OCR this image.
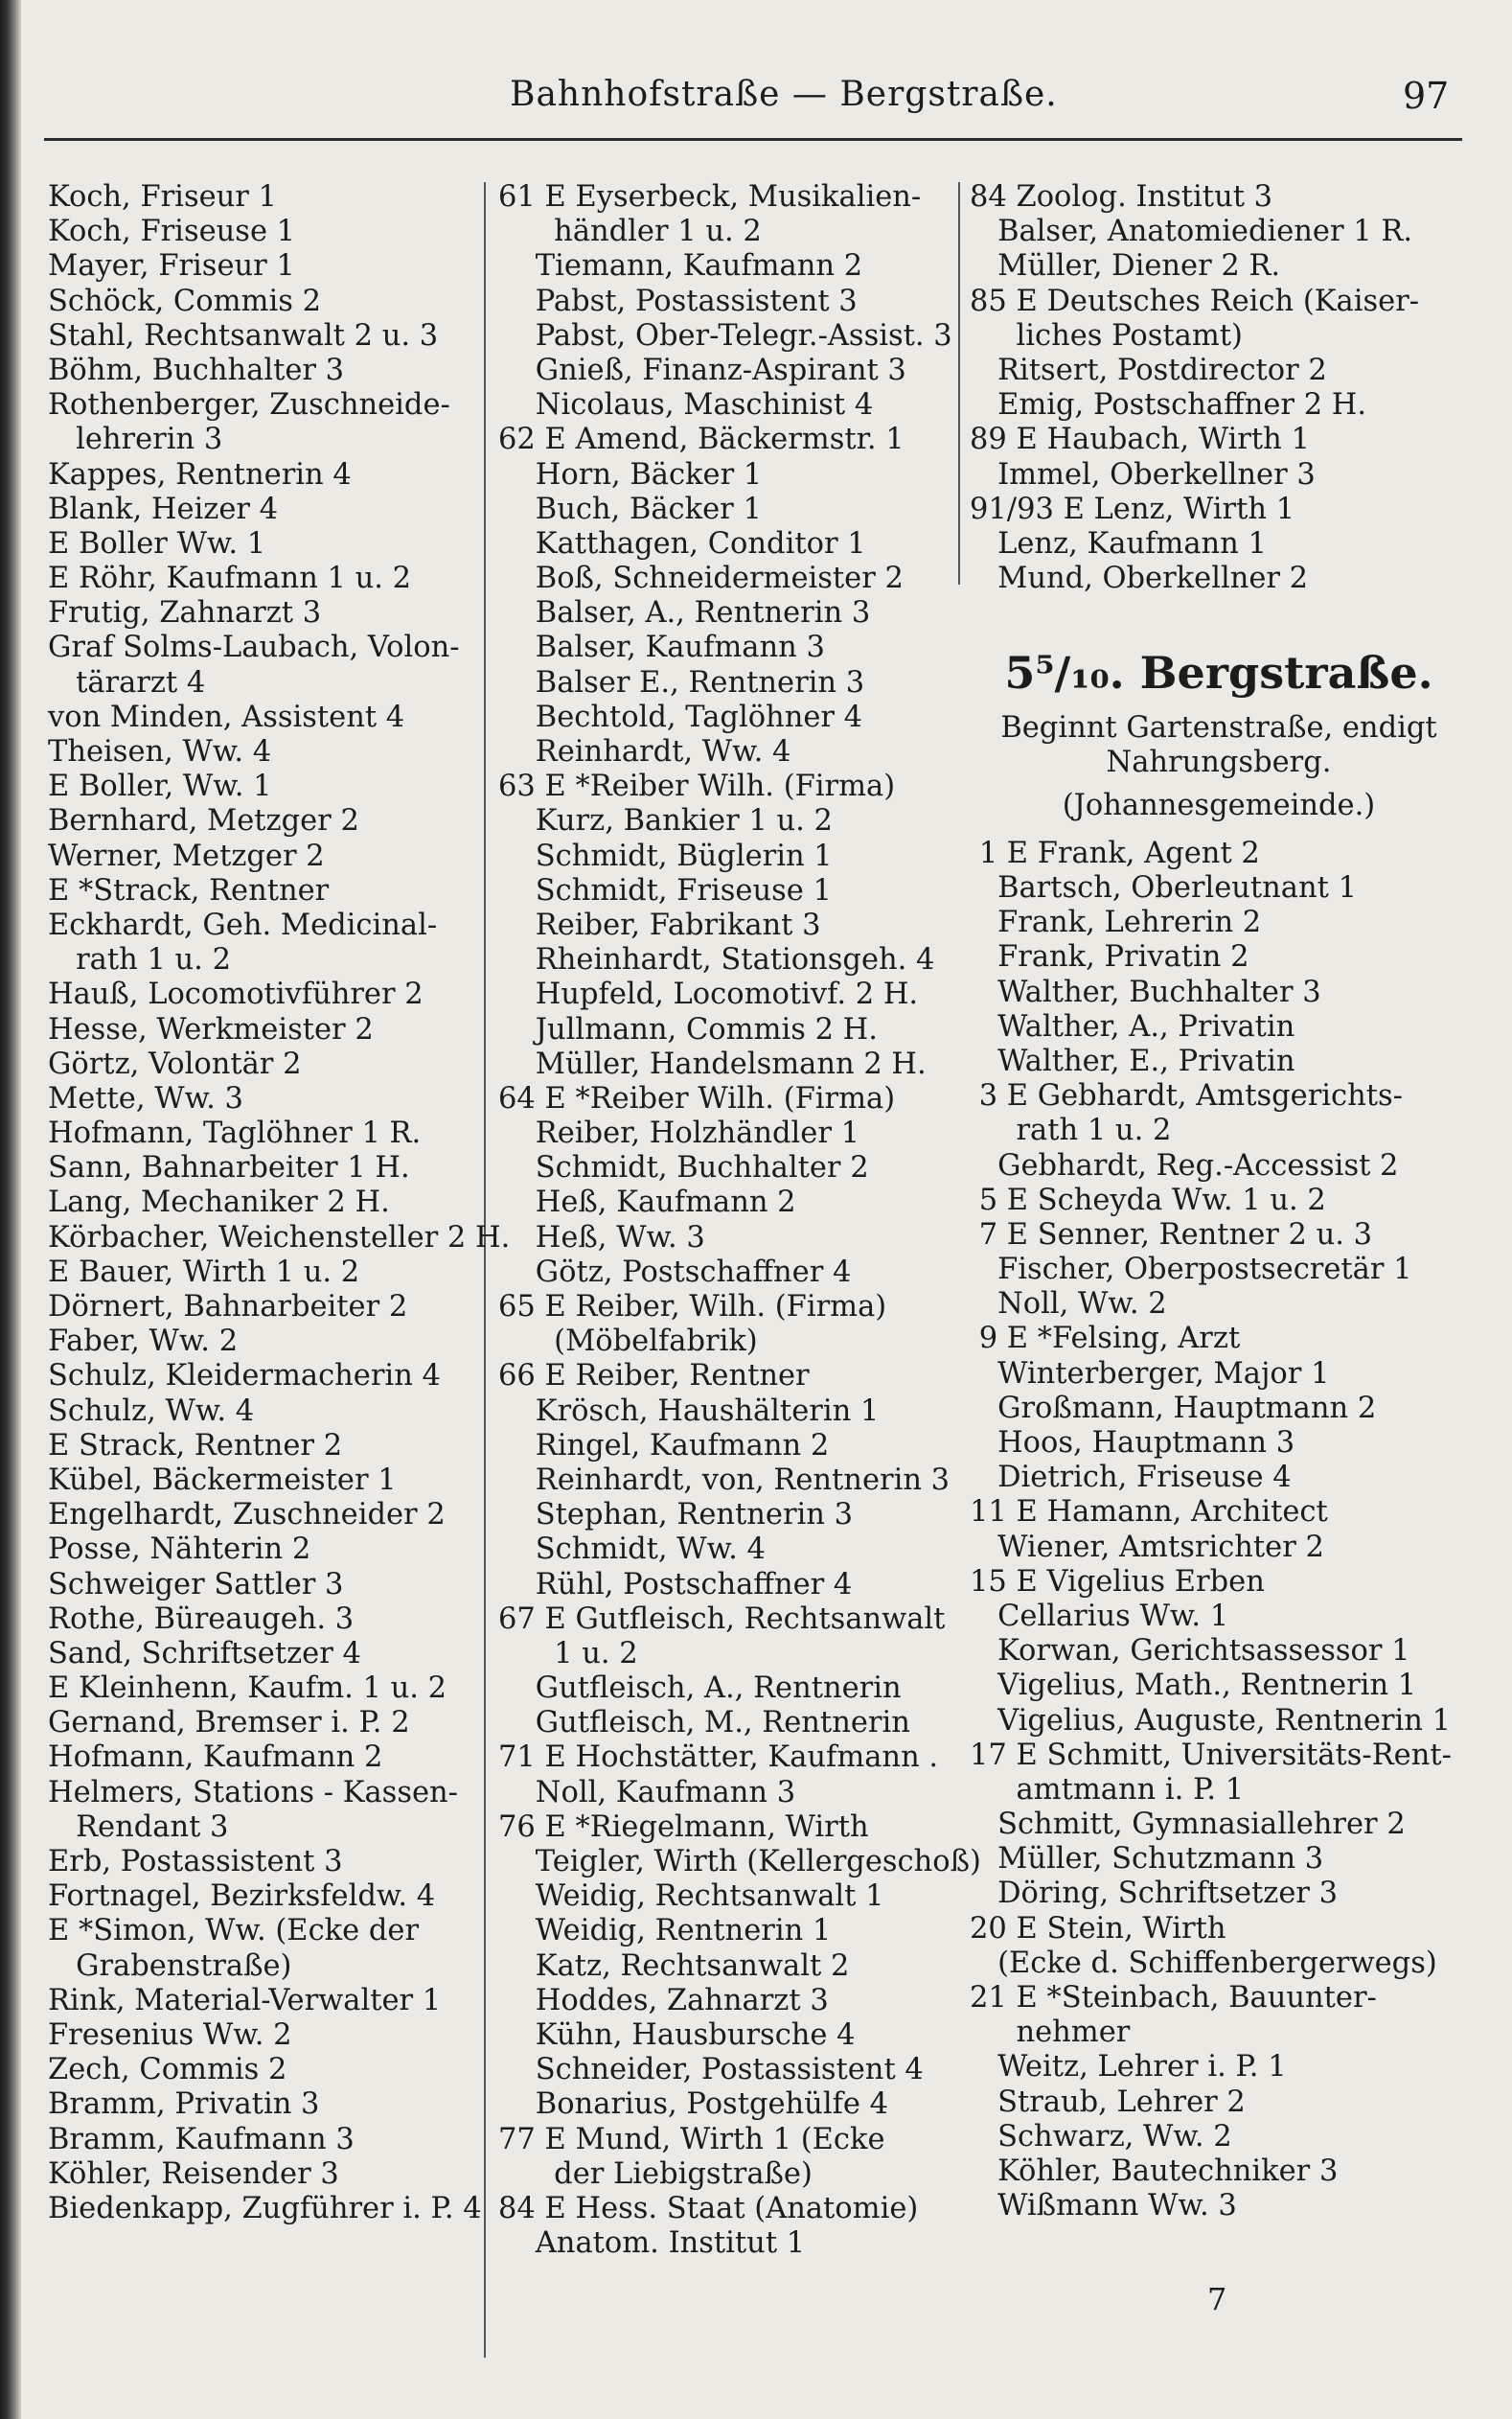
Bahnhofstraße — Bergstraße.	97
Koch, Friseur 1
Koch, Friseuse 1
Mayer, Friseur 1
Schöck, Commis 2
Stahl, Rechtsanwalt 2 u. 3
Böhm, Buchhalter 3
Rothenberger, Zuschneide-
lehrerin 3
Kappes, Rentnerin 4
Blank, Heizer 4
E Boller Ww. 1
E Röhr, Kaufmann 1 u. 2
Frutig, Zahnarzt 3
Graf Solms-Laubach, Volon-
tärarzt 4
von Minden, Assistent 4
Theisen, Ww. 4
E Boller, Ww. 1
Bernhard, Metzger 2
Werner, Metzger 2
E *Strack, Rentner
Eckhardt, Geh. Medicinal-
rath 1 u. 2
Hauß, Locomotivführer 2
Hesse, Werkmeister 2
Görtz, Volontär 2
Mette, Ww. 3
Hofmann, Taglöhner 1 R.
Sann, Bahnarbeiter 1 H.
Lang, Mechaniker 2 H.
Körbacher, Weichensteller 2 H.
E Bauer, Wirth 1 u. 2
Dörnert, Bahnarbeiter 2
Faber, Ww. 2
Schulz, Kleidermacherin 4
Schulz, Ww. 4
E Strack, Rentner 2
Kübel, Bäckermeister 1
Engelhardt, Zuschneider 2
Posse, Nähterin 2
Schweiger Sattler 3
Rothe, Büreaugeh. 3
Sand, Schriftsetzer 4
E Kleinhenn, Kaufm. 1 u. 2
Gernand, Bremser i. P. 2
Hofmann, Kaufmann 2
Helmers, Stations - Kassen-
Rendant 3
Erb, Postassistent 3
Fortnagel, Bezirksfeldw. 4
E *Simon, Ww. (Ecke der
Grabenstraße)
Rink, Material-Verwalter 1
Fresenius Ww. 2
Zech, Commis 2
Bramm, Privatin 3
Bramm, Kaufmann 3
Köhler, Reisender 3
Biedenkapp, Zugführer i. P. 4
61 E Eyserbeck, Musikalien-
händler 1 u. 2
Tiemann, Kaufmann 2
Pabst, Postassistent 3
Pabst, Ober-Telegr.-Assist. 3
Gnieß, Finanz-Aspirant 3
Nicolaus, Maschinist 4
62 E Amend, Bäckermstr. 1
Horn, Bäcker 1
Buch, Bäcker 1
Katthagen, Conditor 1
Boß, Schneidermeister 2
Balser, A., Rentnerin 3
Balser, Kaufmann 3
Balser E., Rentnerin 3
Bechtold, Taglöhner 4
Reinhardt, Ww. 4
63 E *Reiber Wilh. (Firma)
Kurz, Bankier 1 u. 2
Schmidt, Büglerin 1
Schmidt, Friseuse 1
Reiber, Fabrikant 3
Rheinhardt, Stationsgeh. 4
Hupfeld, Locomotivf. 2 H.
Jullmann, Commis 2 H.
Müller, Handelsmann 2 H.
64 E *Reiber Wilh. (Firma)
Reiber, Holzhändler 1
Schmidt, Buchhalter 2
Heß, Kaufmann 2
Heß, Ww. 3
Götz, Postschaffner 4
65 E Reiber, Wilh. (Firma)
(Möbelfabrik)
66 E Reiber, Rentner
Krösch, Haushälterin 1
Ringel, Kaufmann 2
Reinhardt, von, Rentnerin 3
Stephan, Rentnerin 3
Schmidt, Ww. 4
Rühl, Postschaffner 4
67 E Gutfleisch, Rechtsanwalt
1 u. 2
Gutfleisch, A., Rentnerin
Gutfleisch, M., Rentnerin
71 E Hochstätter, Kaufmann .
Noll, Kaufmann 3
76 E *Riegelmann, Wirth
Teigler, Wirth (Kellergeschoß)
Weidig, Rechtsanwalt 1
Weidig, Rentnerin 1
Katz, Rechtsanwalt 2
Hoddes, Zahnarzt 3
Kühn, Hausbursche 4
Schneider, Postassistent 4
Bonarius, Postgehülfe 4
77 E Mund, Wirth 1 (Ecke
der Liebigstraße)
84 E Hess. Staat (Anatomie)
Anatom. Institut 1
84 Zoolog. Institut 3
Balser, Anatomiediener 1 R.
Müller, Diener 2 R.
85 E Deutsches Reich (Kaiser-
liches Postamt)
Ritsert, Postdirector 2
Emig, Postschaffner 2 H.
89 E Haubach, Wirth 1
Immel, Oberkellner 3
91/93 E Lenz, Wirth 1
Lenz, Kaufmann 1
Mund, Oberkellner 2
5⁵/₁₀. Bergstraße.
Beginnt Gartenstraße, endigt
Nahrungsberg.
(Johannesgemeinde.)
1 E Frank, Agent 2
Bartsch, Oberleutnant 1
Frank, Lehrerin 2
Frank, Privatin 2
Walther, Buchhalter 3
Walther, A., Privatin
Walther, E., Privatin
3 E Gebhardt, Amtsgerichts-
rath 1 u. 2
Gebhardt, Reg.-Accessist 2
5 E Scheyda Ww. 1 u. 2
7 E Senner, Rentner 2 u. 3
Fischer, Oberpostsecretär 1
Noll, Ww. 2
9 E *Felsing, Arzt
Winterberger, Major 1
Großmann, Hauptmann 2
Hoos, Hauptmann 3
Dietrich, Friseuse 4
11 E Hamann, Architect
Wiener, Amtsrichter 2
15 E Vigelius Erben
Cellarius Ww. 1
Korwan, Gerichtsassessor 1
Vigelius, Math., Rentnerin 1
Vigelius, Auguste, Rentnerin 1
17 E Schmitt, Universitäts-Rent-
amtmann i. P. 1
Schmitt, Gymnasiallehrer 2
Müller, Schutzmann 3
Döring, Schriftsetzer 3
20 E Stein, Wirth
(Ecke d. Schiffenbergerwegs)
21 E *Steinbach, Bauunter-
nehmer
Weitz, Lehrer i. P. 1
Straub, Lehrer 2
Schwarz, Ww. 2
Köhler, Bautechniker 3
Wißmann Ww. 3
7
